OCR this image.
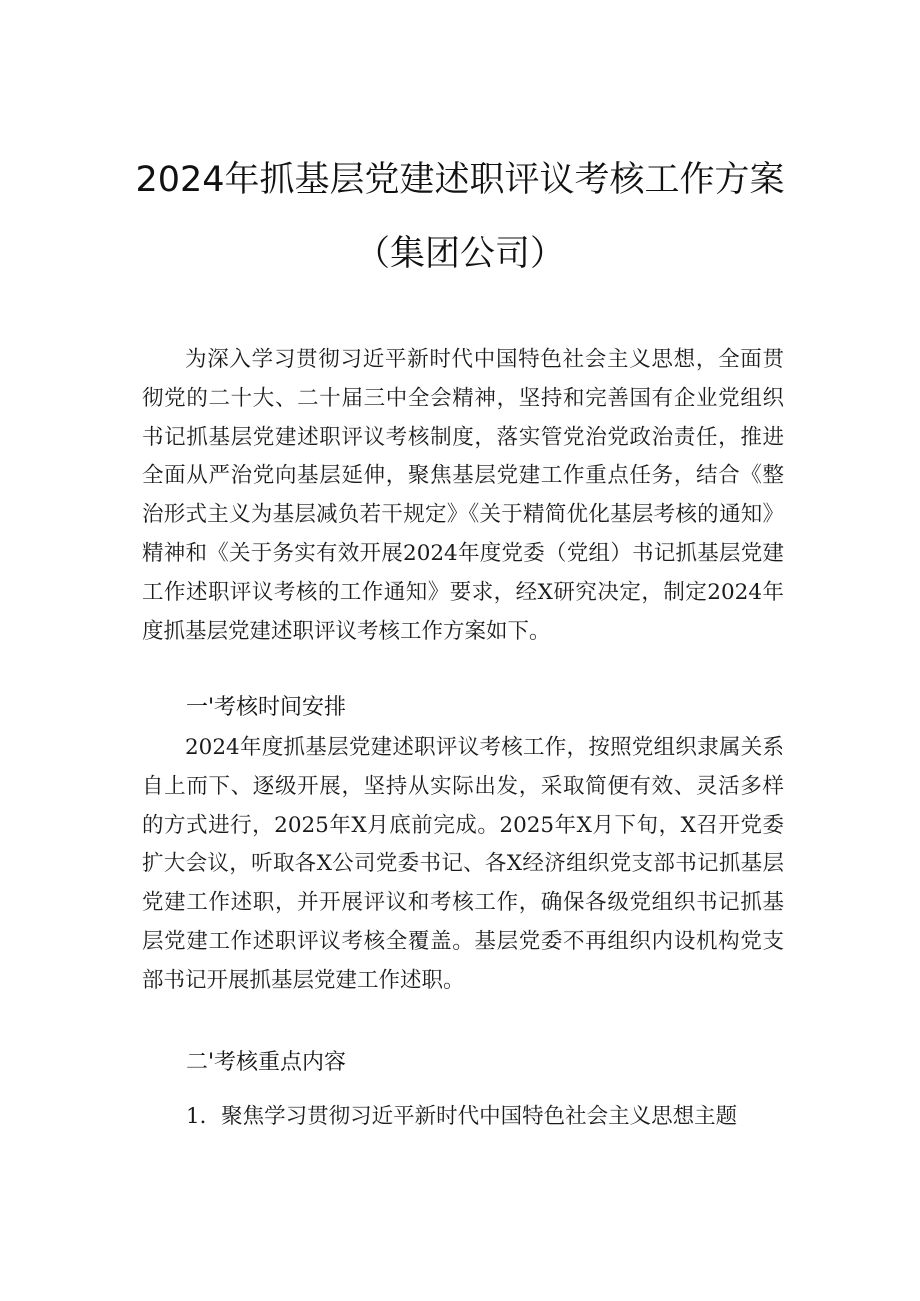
2024年抓基层党建述职评议考核工作方案
（集团公司）

为深入学习贯彻习近平新时代中国特色社会主义思想，全面贯彻党的二十大、二十届三中全会精神，坚持和完善国有企业党组织书记抓基层党建述职评议考核制度，落实管党治党政治责任，推进全面从严治党向基层延伸，聚焦基层党建工作重点任务，结合《整治形式主义为基层减负若干规定》《关于精简优化基层考核的通知》精神和《关于务实有效开展2024年度党委（党组）书记抓基层党建工作述职评议考核的工作通知》要求，经X研究决定，制定2024年度抓基层党建述职评议考核工作方案如下。

一'考核时间安排

2024年度抓基层党建述职评议考核工作，按照党组织隶属关系自上而下、逐级开展，坚持从实际出发，采取简便有效、灵活多样的方式进行，2025年X月底前完成。2025年X月下旬，X召开党委扩大会议，听取各X公司党委书记、各X经济组织党支部书记抓基层党建工作述职，并开展评议和考核工作，确保各级党组织书记抓基层党建工作述职评议考核全覆盖。基层党委不再组织内设机构党支部书记开展抓基层党建工作述职。

二'考核重点内容
1．聚焦学习贯彻习近平新时代中国特色社会主义思想主题
